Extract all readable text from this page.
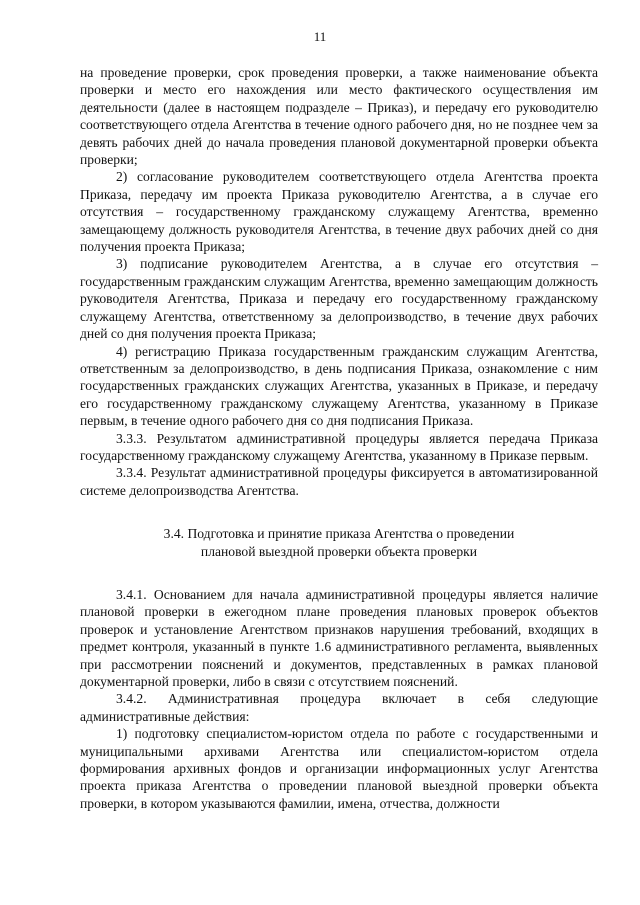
11

на проведение проверки, срок проведения проверки, а также наименование объекта проверки и место его нахождения или место фактического осуществления им деятельности (далее в настоящем подразделе – Приказ), и передачу его руководителю соответствующего отдела Агентства в течение одного рабочего дня, но не позднее чем за девять рабочих дней до начала проведения плановой документарной проверки объекта проверки;

2) согласование руководителем соответствующего отдела Агентства проекта Приказа, передачу им проекта Приказа руководителю Агентства, а в случае его отсутствия – государственному гражданскому служащему Агентства, временно замещающему должность руководителя Агентства, в течение двух рабочих дней со дня получения проекта Приказа;

3) подписание руководителем Агентства, а в случае его отсутствия – государственным гражданским служащим Агентства, временно замещающим должность руководителя Агентства, Приказа и передачу его государственному гражданскому служащему Агентства, ответственному за делопроизводство, в течение двух рабочих дней со дня получения проекта Приказа;

4) регистрацию Приказа государственным гражданским служащим Агентства, ответственным за делопроизводство, в день подписания Приказа, ознакомление с ним государственных гражданских служащих Агентства, указанных в Приказе, и передачу его государственному гражданскому служащему Агентства, указанному в Приказе первым, в течение одного рабочего дня со дня подписания Приказа.

3.3.3. Результатом административной процедуры является передача Приказа государственному гражданскому служащему Агентства, указанному в Приказе первым.

3.3.4. Результат административной процедуры фиксируется в автоматизированной системе делопроизводства Агентства.

3.4. Подготовка и принятие приказа Агентства о проведении

плановой выездной проверки объекта проверки

3.4.1. Основанием для начала административной процедуры является наличие плановой проверки в ежегодном плане проведения плановых проверок объектов проверок и установление Агентством признаков нарушения требований, входящих в предмет контроля, указанный в пункте 1.6 административного регламента, выявленных при рассмотрении пояснений и документов, представленных в рамках плановой документарной проверки, либо в связи с отсутствием пояснений.

3.4.2. Административная процедура включает в себя следующие административные действия:

1) подготовку специалистом-юристом отдела по работе с государственными и муниципальными архивами Агентства или специалистом-юристом отдела формирования архивных фондов и организации информационных услуг Агентства проекта приказа Агентства о проведении плановой выездной проверки объекта проверки, в котором указываются фамилии, имена, отчества, должности
